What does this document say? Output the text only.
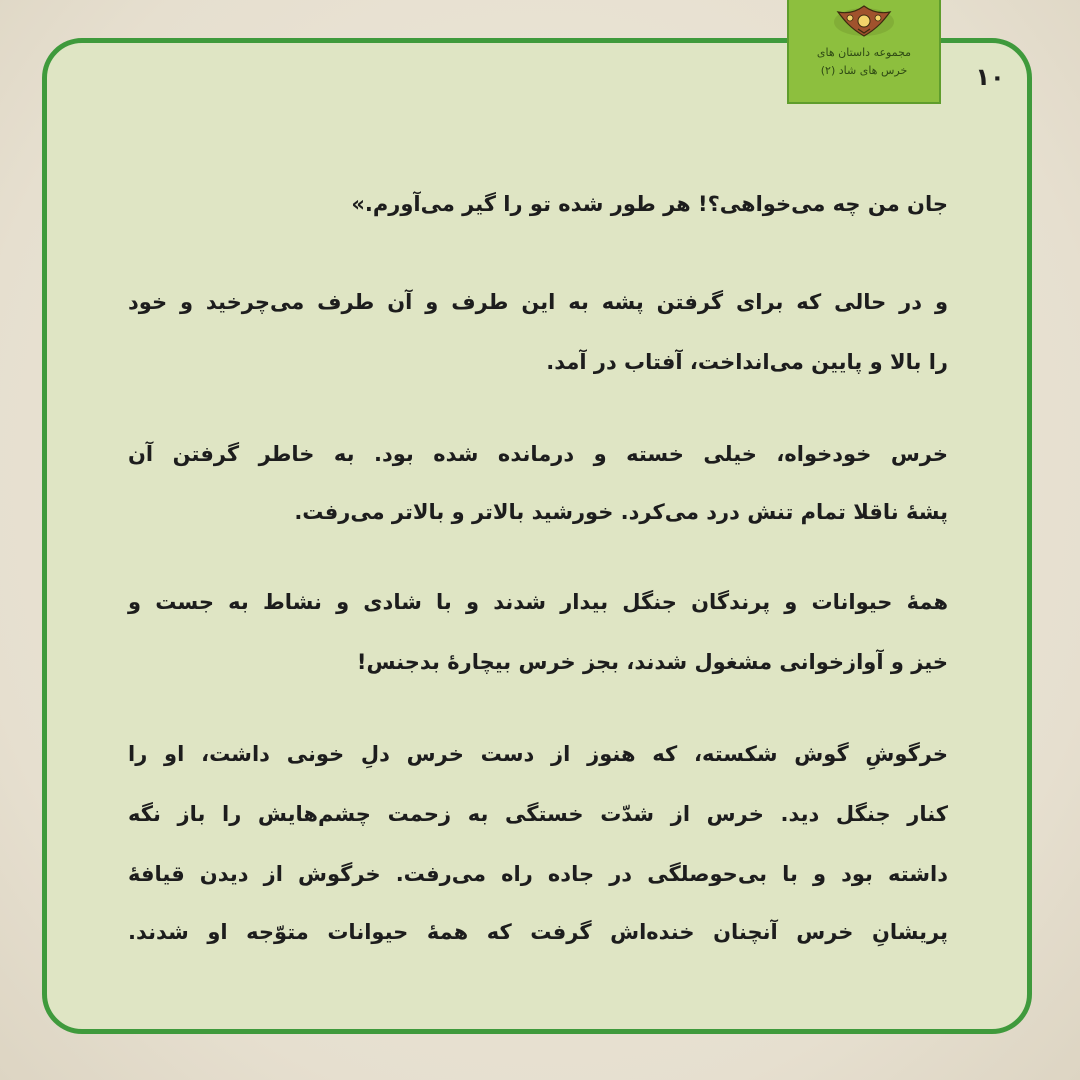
مجموعه داستان های
خرس های شاد (۲)	۱۰
جان من چه می‌خواهی؟! هر طور شده تو را گیر می‌آورم.»
و در حالی که برای گرفتن پشه به این طرف و آن طرف می‌چرخید و خود
را بالا و پایین می‌انداخت، آفتاب در آمد.
خرس خودخواه، خیلی خسته و درمانده شده بود. به خاطر گرفتن آن
پشهٔ ناقلا تمام تنش درد می‌کرد. خورشید بالاتر و بالاتر می‌رفت.
همهٔ حیوانات و پرندگان جنگل بیدار شدند و با شادی و نشاط به جست و
خیز و آوازخوانی مشغول شدند، بجز خرس بیچارهٔ بدجنس!
خرگوشِ گوش شکسته، که هنوز از دست خرس دلِ خونی داشت، او را
کنار جنگل دید. خرس از شدّت خستگی به زحمت چشم‌هایش را باز نگه
داشته بود و با بی‌حوصلگی در جاده راه می‌رفت. خرگوش از دیدن قیافهٔ
پریشانِ خرس آنچنان خنده‌اش گرفت که همهٔ حیوانات متوّجه او شدند.
